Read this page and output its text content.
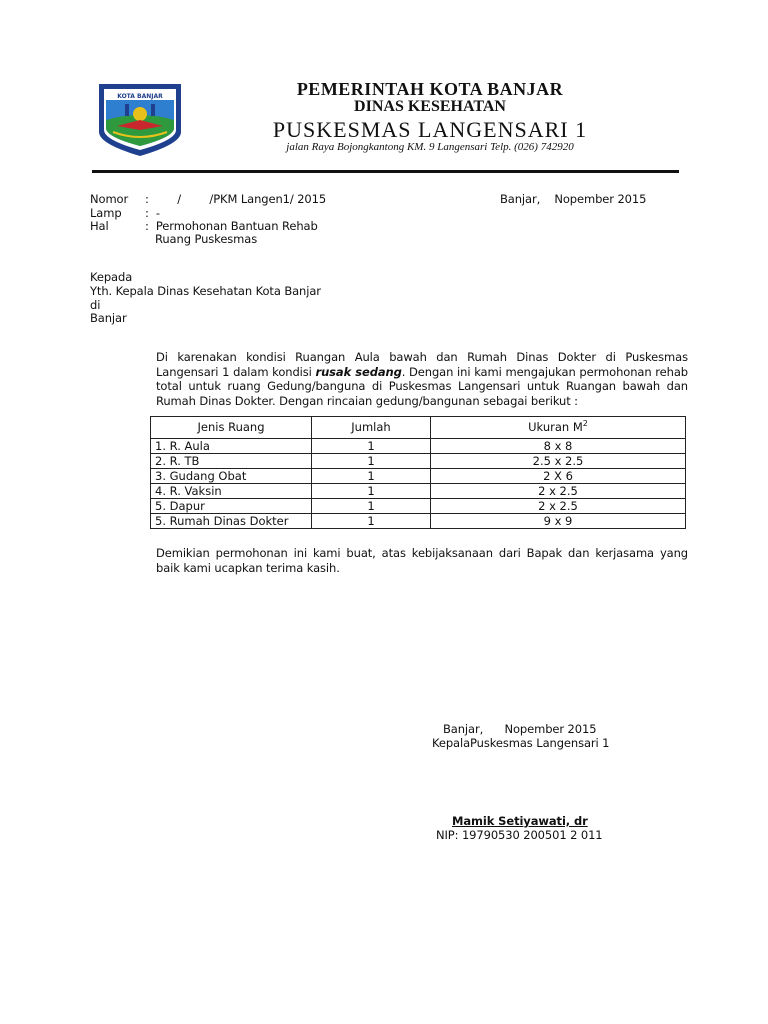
KOTA BANJAR	PEMERINTAH KOTA BANJAR
DINAS KESEHATAN
PUSKESMAS LANGENSARI 1
jalan Raya Bojongkantong KM. 9 Langensari Telp. (026) 742920
Nomor	:        /        /PKM Langen1/ 2015	Banjar,    Nopember 2015
Lamp	:  -
Hal	:  Permohonan Bantuan Rehab
Ruang Puskesmas
Kepada
Yth. Kepala Dinas Kesehatan Kota Banjar
di
Banjar
Di karenakan kondisi Ruangan Aula bawah dan Rumah Dinas Dokter di Puskesmas Langensari 1 dalam kondisi rusak sedang. Dengan ini kami mengajukan permohonan rehab total untuk ruang Gedung/banguna di Puskesmas Langensari untuk Ruangan bawah dan Rumah Dinas Dokter. Dengan rincaian gedung/bangunan sebagai berikut :
Jenis Ruang	Jumlah	Ukuran $M^2$
1. R. Aula	1	8 x 8
2. R. TB	1	2.5 x 2.5
3. Gudang Obat	1	2 X 6
4. R. Vaksin	1	2 x 2.5
5. Dapur	1	2 x 2.5
5. Rumah Dinas Dokter	1	9 x 9
Demikian permohonan ini kami buat, atas kebijaksanaan dari Bapak dan kerjasama yang baik kami ucapkan terima kasih.
Banjar,      Nopember 2015
KepalaPuskesmas Langensari 1
Mamik Setiyawati, dr
NIP: 19790530 200501 2 011
